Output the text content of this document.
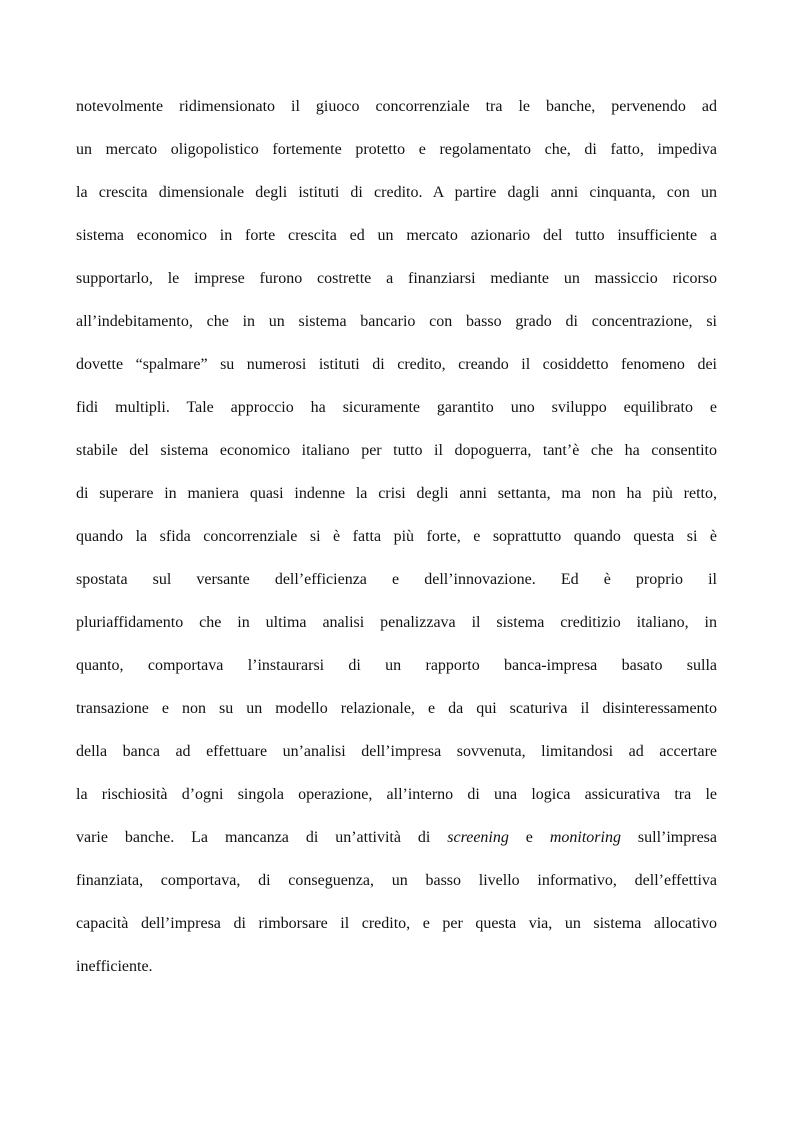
notevolmente ridimensionato il giuoco concorrenziale tra le banche, pervenendo ad
un mercato oligopolistico fortemente protetto e regolamentato che, di fatto, impediva
la crescita dimensionale degli istituti di credito. A partire dagli anni cinquanta, con un
sistema economico in forte crescita ed un mercato azionario del tutto insufficiente a
supportarlo, le imprese furono costrette a finanziarsi mediante un massiccio ricorso
all’indebitamento, che in un sistema bancario con basso grado di concentrazione, si
dovette “spalmare” su numerosi istituti di credito, creando il cosiddetto fenomeno dei
fidi multipli. Tale approccio ha sicuramente garantito uno sviluppo equilibrato e
stabile del sistema economico italiano per tutto il dopoguerra, tant’è che ha consentito
di superare in maniera quasi indenne la crisi degli anni settanta, ma non ha più retto,
quando la sfida concorrenziale si è fatta più forte, e soprattutto quando questa si è
spostata sul versante dell’efficienza e dell’innovazione. Ed è proprio il
pluriaffidamento che in ultima analisi penalizzava il sistema creditizio italiano, in
quanto, comportava l’instaurarsi di un rapporto banca-impresa basato sulla
transazione e non su un modello relazionale, e da qui scaturiva il disinteressamento
della banca ad effettuare un’analisi dell’impresa sovvenuta, limitandosi ad accertare
la rischiosità d’ogni singola operazione, all’interno di una logica assicurativa tra le
varie banche. La mancanza di un’attività di screening e monitoring sull’impresa
finanziata, comportava, di conseguenza, un basso livello informativo, dell’effettiva
capacità dell’impresa di rimborsare il credito, e per questa via, un sistema allocativo
inefficiente.
